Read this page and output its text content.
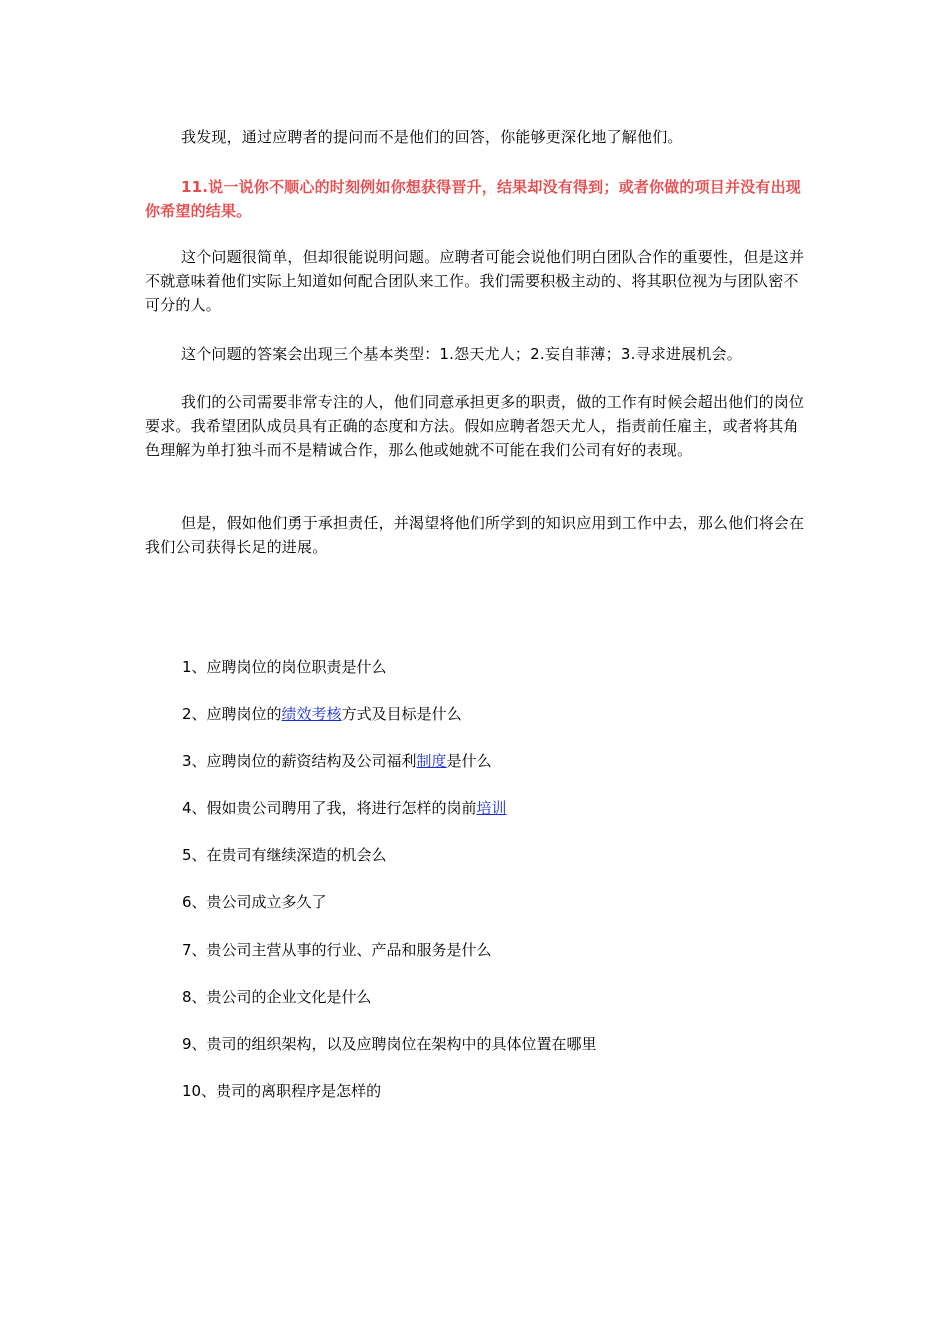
我发现，通过应聘者的提问而不是他们的回答，你能够更深化地了解他们。

11.说一说你不顺心的时刻例如你想获得晋升，结果却没有得到；或者你做的项目并没有出现你希望的结果。

这个问题很简单，但却很能说明问题。应聘者可能会说他们明白团队合作的重要性，但是这并不就意味着他们实际上知道如何配合团队来工作。我们需要积极主动的、将其职位视为与团队密不可分的人。

这个问题的答案会出现三个基本类型：1.怨天尤人；2.妄自菲薄；3.寻求进展机会。

我们的公司需要非常专注的人，他们同意承担更多的职责，做的工作有时候会超出他们的岗位要求。我希望团队成员具有正确的态度和方法。假如应聘者怨天尤人，指责前任雇主，或者将其角色理解为单打独斗而不是精诚合作，那么他或她就不可能在我们公司有好的表现。

但是，假如他们勇于承担责任，并渴望将他们所学到的知识应用到工作中去，那么他们将会在我们公司获得长足的进展。

1、应聘岗位的岗位职责是什么

2、应聘岗位的绩效考核方式及目标是什么

3、应聘岗位的薪资结构及公司福利制度是什么

4、假如贵公司聘用了我，将进行怎样的岗前培训

5、在贵司有继续深造的机会么

6、贵公司成立多久了

7、贵公司主营从事的行业、产品和服务是什么

8、贵公司的企业文化是什么

9、贵司的组织架构，以及应聘岗位在架构中的具体位置在哪里

10、贵司的离职程序是怎样的
